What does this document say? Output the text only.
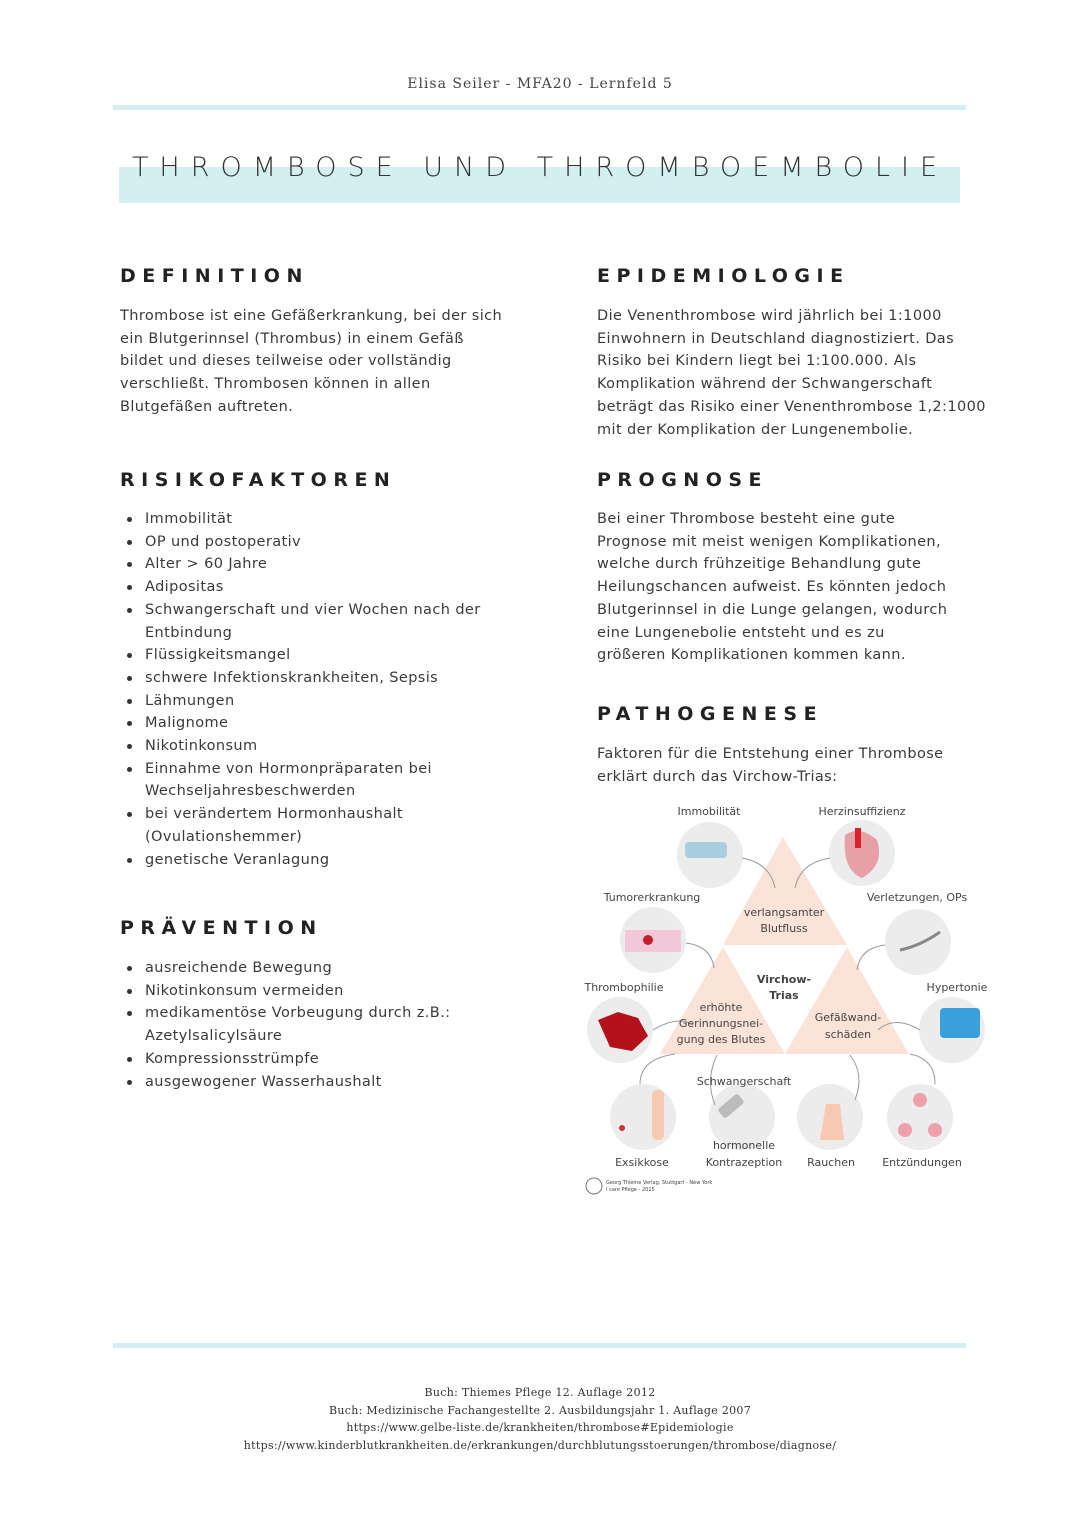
Elisa Seiler - MFA20 - Lernfeld 5
THROMBOSE UND THROMBOEMBOLIE
DEFINITION
Thrombose ist eine Gefäßerkrankung, bei der sich
ein Blutgerinnsel (Thrombus) in einem Gefäß
bildet und dieses teilweise oder vollständig
verschließt. Thrombosen können in allen
Blutgefäßen auftreten.
EPIDEMIOLOGIE
Die Venenthrombose wird jährlich bei 1:1000
Einwohnern in Deutschland diagnostiziert. Das
Risiko bei Kindern liegt bei 1:100.000. Als
Komplikation während der Schwangerschaft
beträgt das Risiko einer Venenthrombose 1,2:1000
mit der Komplikation der Lungenembolie.
RISIKOFAKTOREN
Immobilität
OP und postoperativ
Alter > 60 Jahre
Adipositas
Schwangerschaft und vier Wochen nach der Entbindung
Flüssigkeitsmangel
schwere Infektionskrankheiten, Sepsis
Lähmungen
Malignome
Nikotinkonsum
Einnahme von Hormonpräparaten bei Wechseljahresbeschwerden
bei verändertem Hormonhaushalt (Ovulationshemmer)
genetische Veranlagung
PROGNOSE
Bei einer Thrombose besteht eine gute
Prognose mit meist wenigen Komplikationen,
welche durch frühzeitige Behandlung gute
Heilungschancen aufweist. Es könnten jedoch
Blutgerinnsel in die Lunge gelangen, wodurch
eine Lungenebolie entsteht und es zu
größeren Komplikationen kommen kann.
PRÄVENTION
ausreichende Bewegung
Nikotinkonsum vermeiden
medikamentöse Vorbeugung durch z.B.: Azetylsalicylsäure
Kompressionsstrümpfe
ausgewogener Wasserhaushalt
PATHOGENESE
Faktoren für die Entstehung einer Thrombose
erklärt durch das Virchow-Trias:
Immobilität	Herzinsuffizienz
Tumorerkrankung	Verletzungen, OPs
Thrombophilie	Hypertonie
Schwangerschaft
hormonelle
Kontrazeption
Exsikkose	Rauchen Entzündungen
verlangsamter
Blutfluss
erhöhte
Gerinnungsnei-
gung des Blutes
Gefäßwand-
schäden
Virchow-
Trias
Georg Thieme Verlag, Stuttgart - New York
I care Pflege - 2015
Buch: Thiemes Pflege 12. Auflage 2012
Buch: Medizinische Fachangestellte 2. Ausbildungsjahr 1. Auflage 2007
https://www.gelbe-liste.de/krankheiten/thrombose#Epidemiologie
https://www.kinderblutkrankheiten.de/erkrankungen/durchblutungsstoerungen/thrombose/diagnose/
